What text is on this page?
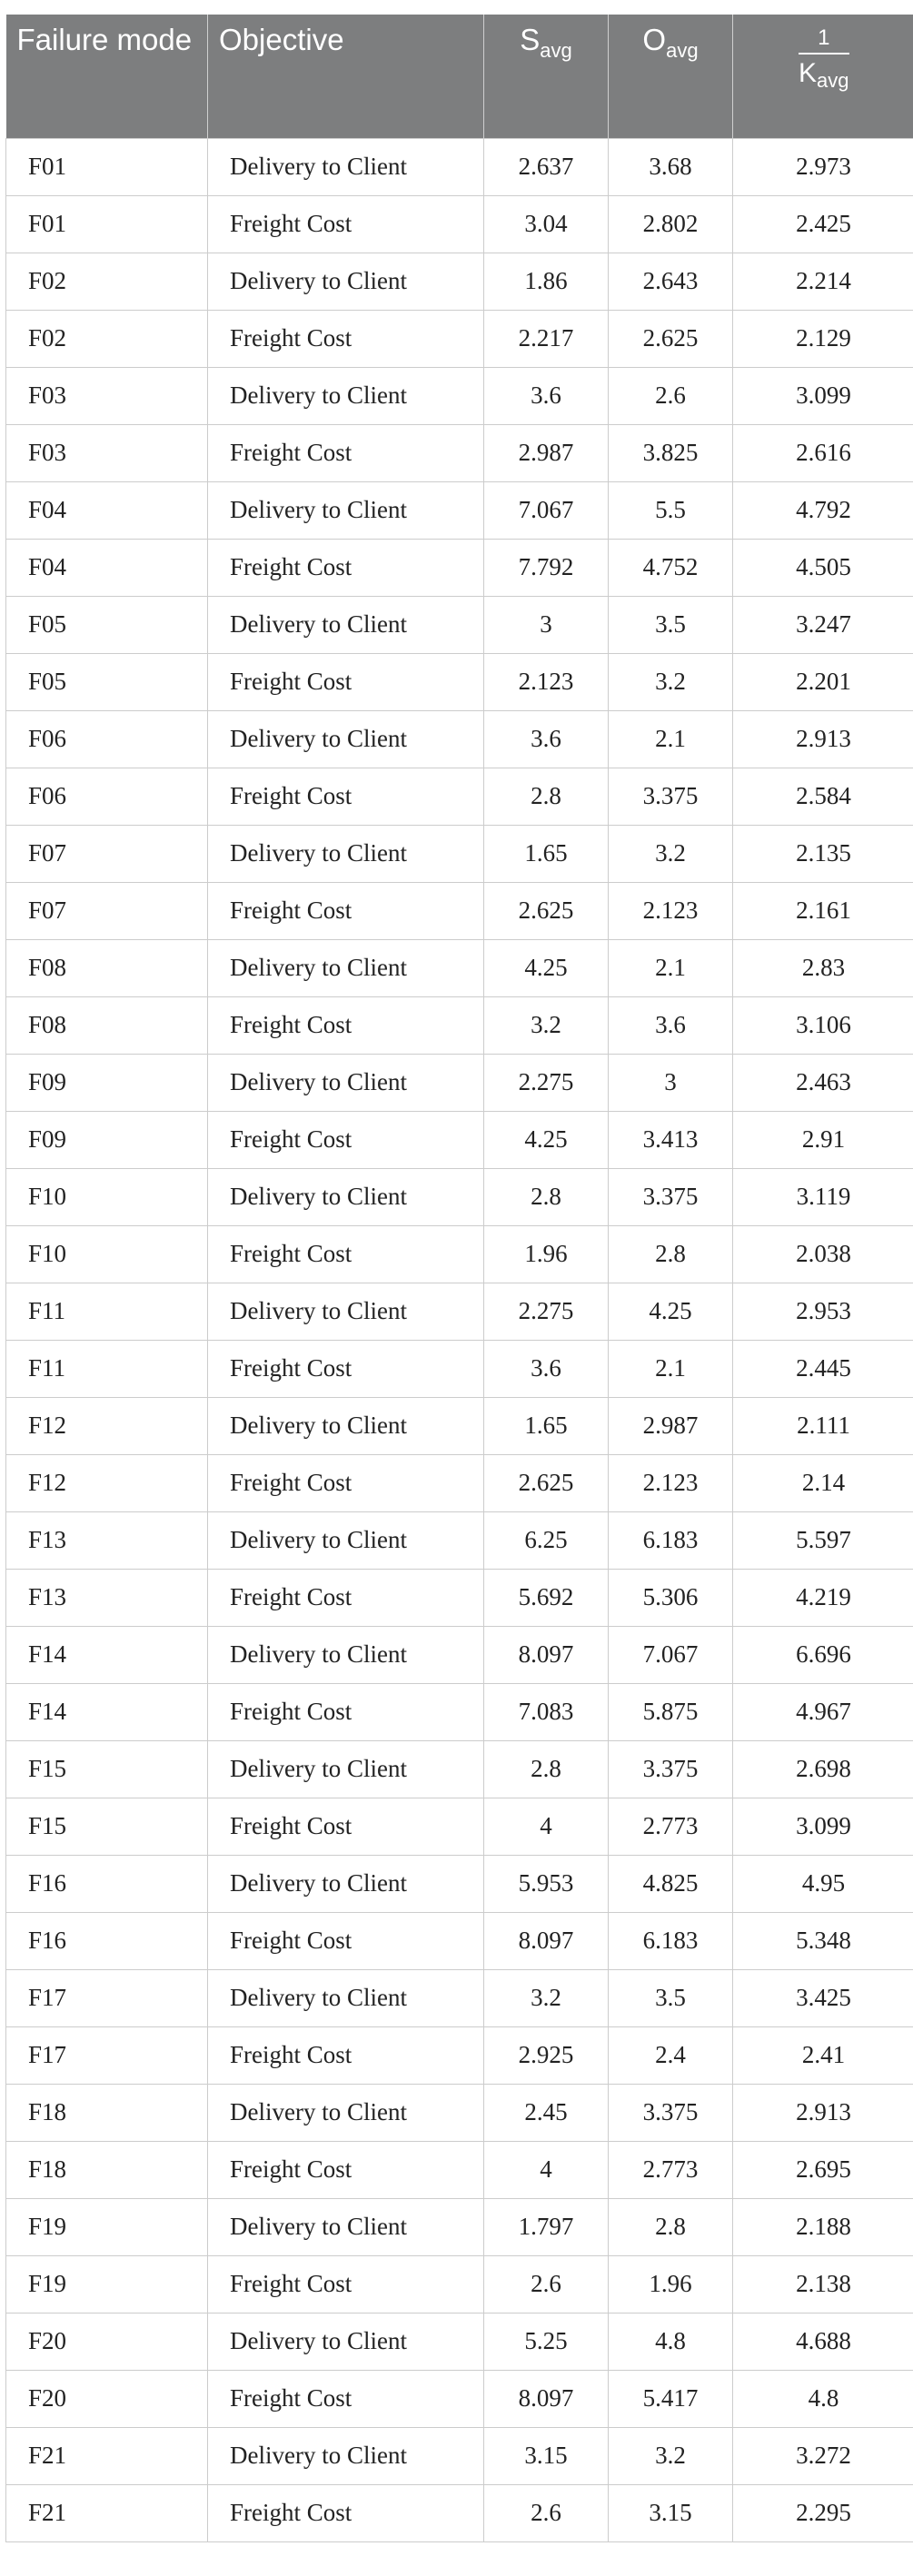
Failure mode	Objective	$S_{avg}$	$O_{avg}$	$\frac{1}{K_{avg}}$

F01	Delivery to Client	2.637	3.68	2.973
F01	Freight Cost	3.04	2.802	2.425
F02	Delivery to Client	1.86	2.643	2.214
F02	Freight Cost	2.217	2.625	2.129
F03	Delivery to Client	3.6	2.6	3.099
F03	Freight Cost	2.987	3.825	2.616
F04	Delivery to Client	7.067	5.5	4.792
F04	Freight Cost	7.792	4.752	4.505
F05	Delivery to Client	3	3.5	3.247
F05	Freight Cost	2.123	3.2	2.201
F06	Delivery to Client	3.6	2.1	2.913
F06	Freight Cost	2.8	3.375	2.584
F07	Delivery to Client	1.65	3.2	2.135
F07	Freight Cost	2.625	2.123	2.161
F08	Delivery to Client	4.25	2.1	2.83
F08	Freight Cost	3.2	3.6	3.106
F09	Delivery to Client	2.275	3	2.463
F09	Freight Cost	4.25	3.413	2.91
F10	Delivery to Client	2.8	3.375	3.119
F10	Freight Cost	1.96	2.8	2.038
F11	Delivery to Client	2.275	4.25	2.953
F11	Freight Cost	3.6	2.1	2.445
F12	Delivery to Client	1.65	2.987	2.111
F12	Freight Cost	2.625	2.123	2.14
F13	Delivery to Client	6.25	6.183	5.597
F13	Freight Cost	5.692	5.306	4.219
F14	Delivery to Client	8.097	7.067	6.696
F14	Freight Cost	7.083	5.875	4.967
F15	Delivery to Client	2.8	3.375	2.698
F15	Freight Cost	4	2.773	3.099
F16	Delivery to Client	5.953	4.825	4.95
F16	Freight Cost	8.097	6.183	5.348
F17	Delivery to Client	3.2	3.5	3.425
F17	Freight Cost	2.925	2.4	2.41
F18	Delivery to Client	2.45	3.375	2.913
F18	Freight Cost	4	2.773	2.695
F19	Delivery to Client	1.797	2.8	2.188
F19	Freight Cost	2.6	1.96	2.138
F20	Delivery to Client	5.25	4.8	4.688
F20	Freight Cost	8.097	5.417	4.8
F21	Delivery to Client	3.15	3.2	3.272
F21	Freight Cost	2.6	3.15	2.295
